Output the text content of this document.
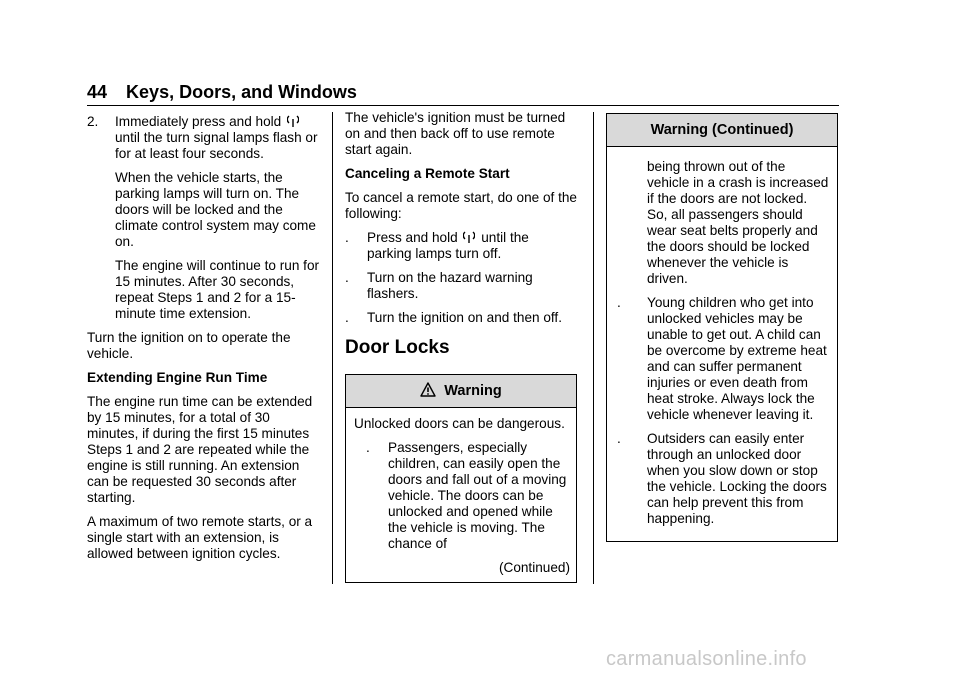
44 Keys, Doors, and Windows
2.	Immediately press and hold  until the turn signal lamps flash or for at least four seconds.

When the vehicle starts, the parking lamps will turn on. The doors will be locked and the climate control system may come on.

The engine will continue to run for 15 minutes. After 30 seconds, repeat Steps 1 and 2 for a 15-minute time extension.

Turn the ignition on to operate the vehicle.

Extending Engine Run Time

The engine run time can be extended by 15 minutes, for a total of 30 minutes, if during the first 15 minutes Steps 1 and 2 are repeated while the engine is still running. An extension can be requested 30 seconds after starting.

A maximum of two remote starts, or a single start with an extension, is allowed between ignition cycles.

The vehicle's ignition must be turned on and then back off to use remote start again.

Canceling a Remote Start

To cancel a remote start, do one of the following:

.	Press and hold until the parking lamps turn off.
.	Turn on the hazard warning flashers.
.	Turn the ignition on and then off.

Door Locks

Warning

Unlocked doors can be dangerous.

.	Passengers, especially children, can easily open the doors and fall out of a moving vehicle. The doors can be unlocked and opened while the vehicle is moving. The chance of

(Continued)

Warning (Continued)

being thrown out of the vehicle in a crash is increased if the doors are not locked. So, all passengers should wear seat belts properly and the doors should be locked whenever the vehicle is driven.

.	Young children who get into unlocked vehicles may be unable to get out. A child can be overcome by extreme heat and can suffer permanent injuries or even death from heat stroke. Always lock the vehicle whenever leaving it.
.	Outsiders can easily enter through an unlocked door when you slow down or stop the vehicle. Locking the doors can help prevent this from happening.
carmanualsonline.info
